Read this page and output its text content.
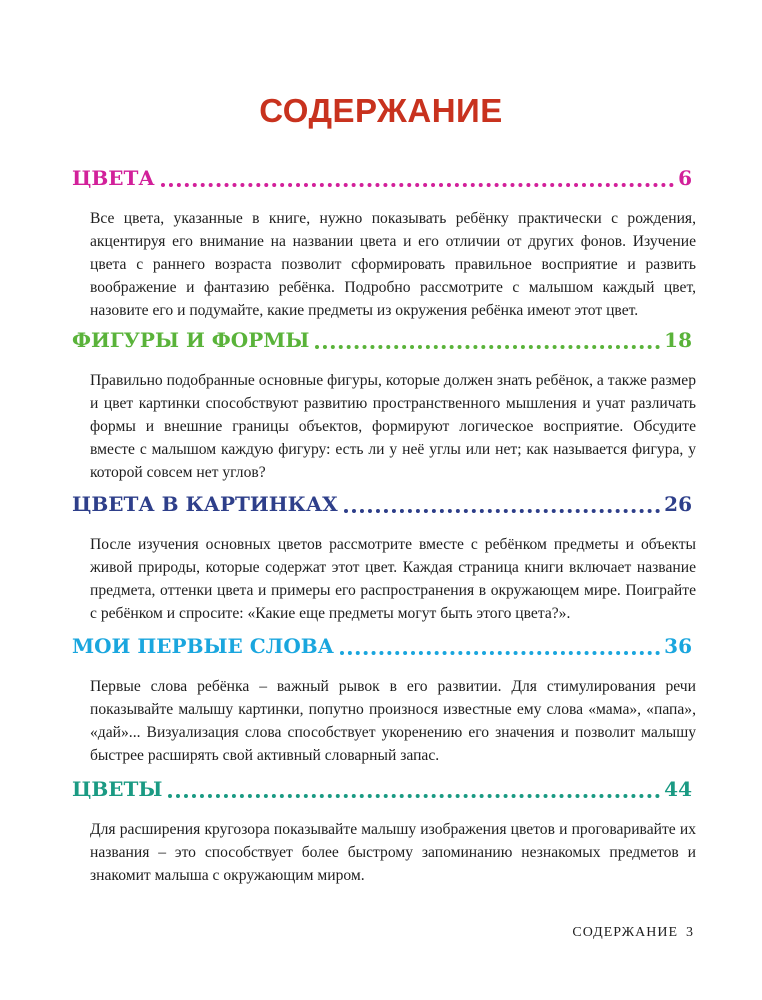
СОДЕРЖАНИЕ
ЦВЕТА	6

Все цвета, указанные в книге, нужно показывать ребёнку практически с рождения, акцентируя его внимание на названии цвета и его отличии от других фонов. Изучение цвета с раннего возраста позволит сформировать правильное восприятие и развить воображение и фантазию ребёнка. Подробно рассмотрите с малышом каждый цвет, назовите его и подумайте, какие предметы из окружения ребёнка имеют этот цвет.

ФИГУРЫ И ФОРМЫ	18

Правильно подобранные основные фигуры, которые должен знать ребёнок, а также размер и цвет картинки способствуют развитию пространственного мышления и учат различать формы и внешние границы объектов, формируют логическое восприятие. Обсудите вместе с малышом каждую фигуру: есть ли у неё углы или нет; как называется фигура, у которой совсем нет углов?

ЦВЕТА В КАРТИНКАХ	26

После изучения основных цветов рассмотрите вместе с ребёнком предметы и объекты живой природы, которые содержат этот цвет. Каждая страница книги включает название предмета, оттенки цвета и примеры его распространения в окружающем мире. Поиграйте с ребёнком и спросите: «Какие еще предметы могут быть этого цвета?».

МОИ ПЕРВЫЕ СЛОВА	36

Первые слова ребёнка – важный рывок в его развитии. Для стимулирования речи показывайте малышу картинки, попутно произнося известные ему слова «мама», «папа», «дай»... Визуализация слова способствует укоренению его значения и позволит малышу быстрее расширять свой активный словарный запас.

ЦВЕТЫ	44

Для расширения кругозора показывайте малышу изображения цветов и проговаривайте их названия – это способствует более быстрому запоминанию незнакомых предметов и знакомит малыша с окружающим миром.

СОДЕРЖАНИЕ 3
